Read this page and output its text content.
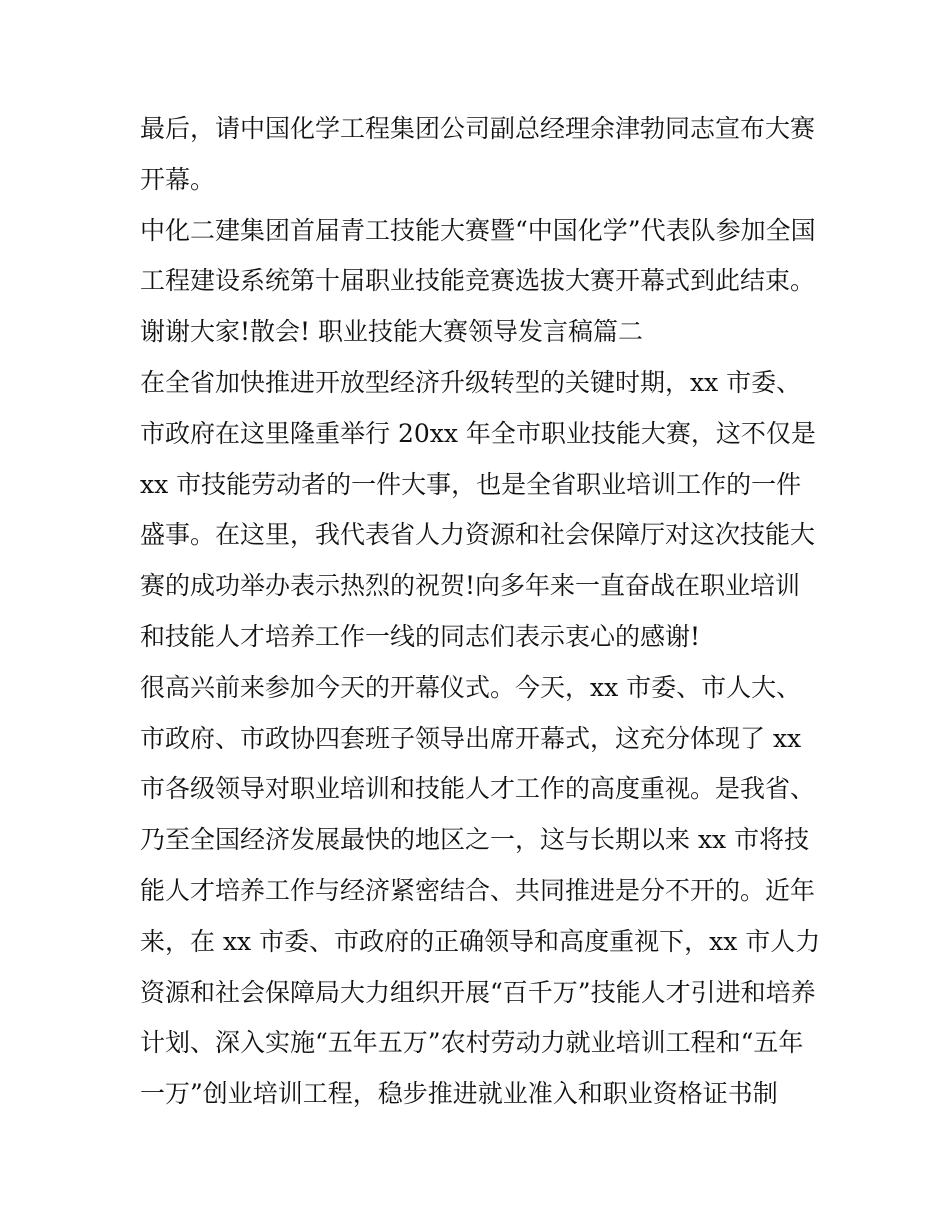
最后，请中国化学工程集团公司副总经理余津勃同志宣布大赛
开幕。
中化二建集团首届青工技能大赛暨“中国化学”代表队参加全国
工程建设系统第十届职业技能竞赛选拔大赛开幕式到此结束。
谢谢大家!散会! 职业技能大赛领导发言稿篇二
在全省加快推进开放型经济升级转型的关键时期，xx 市委、
市政府在这里隆重举行 20xx 年全市职业技能大赛，这不仅是
xx 市技能劳动者的一件大事，也是全省职业培训工作的一件
盛事。在这里，我代表省人力资源和社会保障厅对这次技能大
赛的成功举办表示热烈的祝贺!向多年来一直奋战在职业培训
和技能人才培养工作一线的同志们表示衷心的感谢!
很高兴前来参加今天的开幕仪式。今天，xx 市委、市人大、
市政府、市政协四套班子领导出席开幕式，这充分体现了 xx
市各级领导对职业培训和技能人才工作的高度重视。是我省、
乃至全国经济发展最快的地区之一，这与长期以来 xx 市将技
能人才培养工作与经济紧密结合、共同推进是分不开的。近年
来，在 xx 市委、市政府的正确领导和高度重视下，xx 市人力
资源和社会保障局大力组织开展“百千万”技能人才引进和培养
计划、深入实施“五年五万”农村劳动力就业培训工程和“五年
一万”创业培训工程，稳步推进就业准入和职业资格证书制
